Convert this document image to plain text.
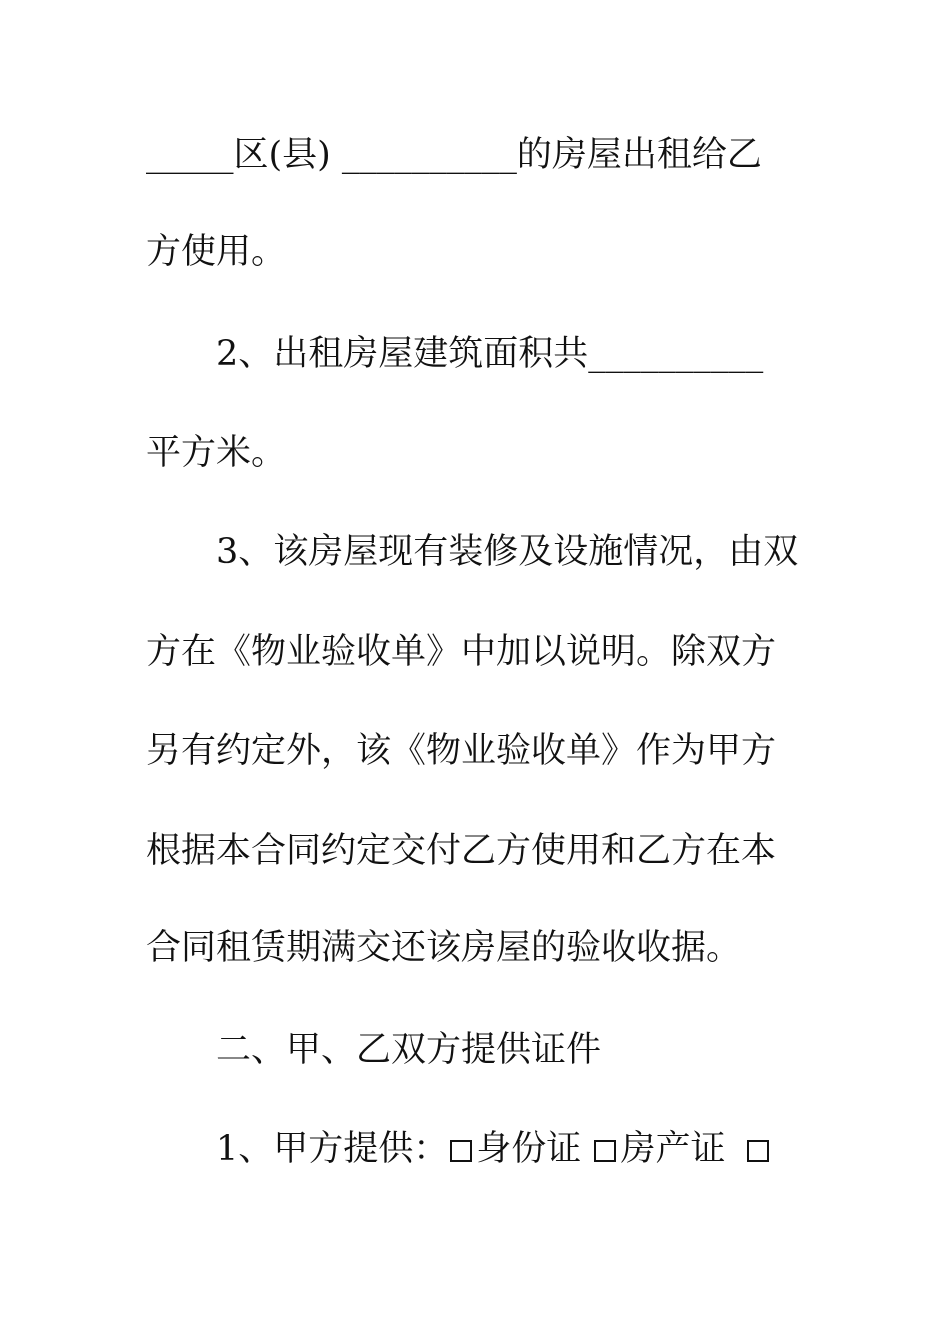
_____区(县) __________的房屋出租给乙
方使用。
2、出租房屋建筑面积共__________
平方米。
3、该房屋现有装修及设施情况，由双
方在《物业验收单》中加以说明。除双方
另有约定外，该《物业验收单》作为甲方
根据本合同约定交付乙方使用和乙方在本
合同租赁期满交还该房屋的验收收据。
二、甲、乙双方提供证件
1、甲方提供： 身份证 房产证
